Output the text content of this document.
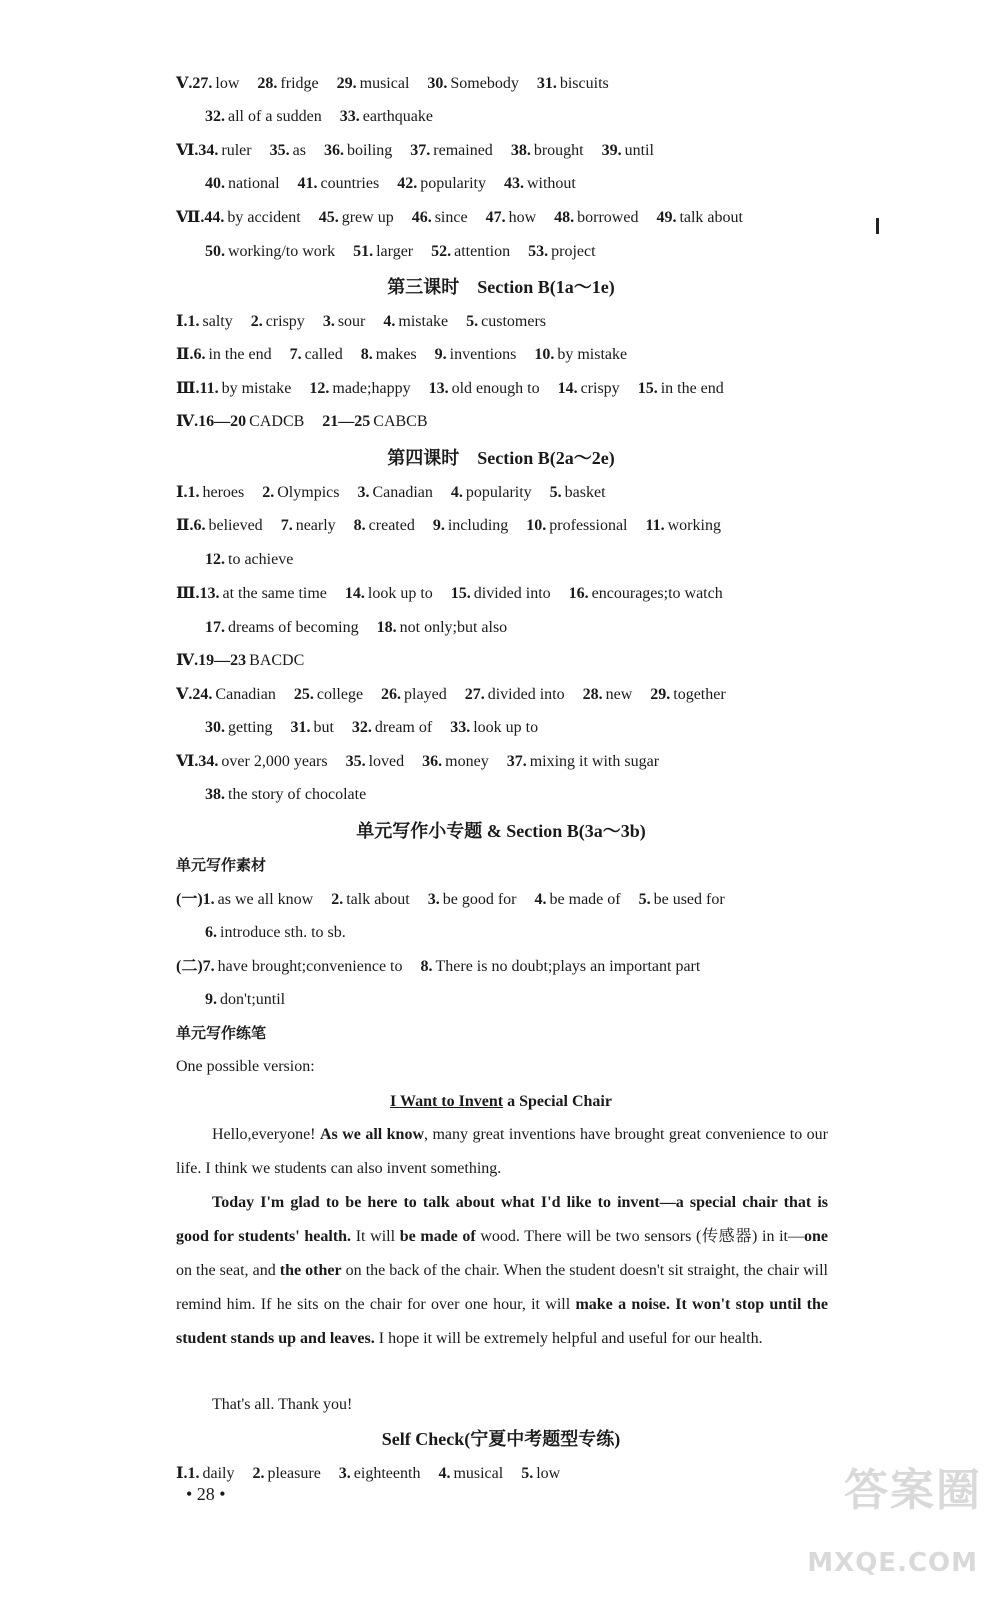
Ⅴ.27. low 28. fridge 29. musical 30. Somebody 31. biscuits
32. all of a sudden 33. earthquake
Ⅵ.34. ruler 35. as 36. boiling 37. remained 38. brought 39. until
40. national 41. countries 42. popularity 43. without
Ⅶ.44. by accident 45. grew up 46. since 47. how 48. borrowed 49. talk about
50. working/to work 51. larger 52. attention 53. project
第三课时　Section B(1a～1e)
Ⅰ.1. salty 2. crispy 3. sour 4. mistake 5. customers
Ⅱ.6. in the end 7. called 8. makes 9. inventions 10. by mistake
Ⅲ.11. by mistake 12. made;happy 13. old enough to 14. crispy 15. in the end
Ⅳ.16—20 CADCB 21—25 CABCB
第四课时　Section B(2a～2e)
Ⅰ.1. heroes 2. Olympics 3. Canadian 4. popularity 5. basket
Ⅱ.6. believed 7. nearly 8. created 9. including 10. professional 11. working
12. to achieve
Ⅲ.13. at the same time 14. look up to 15. divided into 16. encourages;to watch
17. dreams of becoming 18. not only;but also
Ⅳ.19—23 BACDC
Ⅴ.24. Canadian 25. college 26. played 27. divided into 28. new 29. together
30. getting 31. but 32. dream of 33. look up to
Ⅵ.34. over 2,000 years 35. loved 36. money 37. mixing it with sugar
38. the story of chocolate
单元写作小专题 & Section B(3a～3b)
单元写作素材
(一)1. as we all know 2. talk about 3. be good for 4. be made of 5. be used for
6. introduce sth. to sb.
(二)7. have brought;convenience to 8. There is no doubt;plays an important part
9. don't;until
单元写作练笔
One possible version:
I Want to Invent a Special Chair
Hello,everyone! As we all know, many great inventions have brought great convenience to our life. I think we students can also invent something.
Today I'm glad to be here to talk about what I'd like to invent—a special chair that is good for students' health. It will be made of wood. There will be two sensors (传感器) in it—one on the seat, and the other on the back of the chair. When the student doesn't sit straight, the chair will remind him. If he sits on the chair for over one hour, it will make a noise. It won't stop until the student stands up and leaves. I hope it will be extremely helpful and useful for our health.
That's all. Thank you!
Self Check(宁夏中考题型专练)
Ⅰ.1. daily 2. pleasure 3. eighteenth 4. musical 5. low
• 28 •	答案圈
MXQE.COM
